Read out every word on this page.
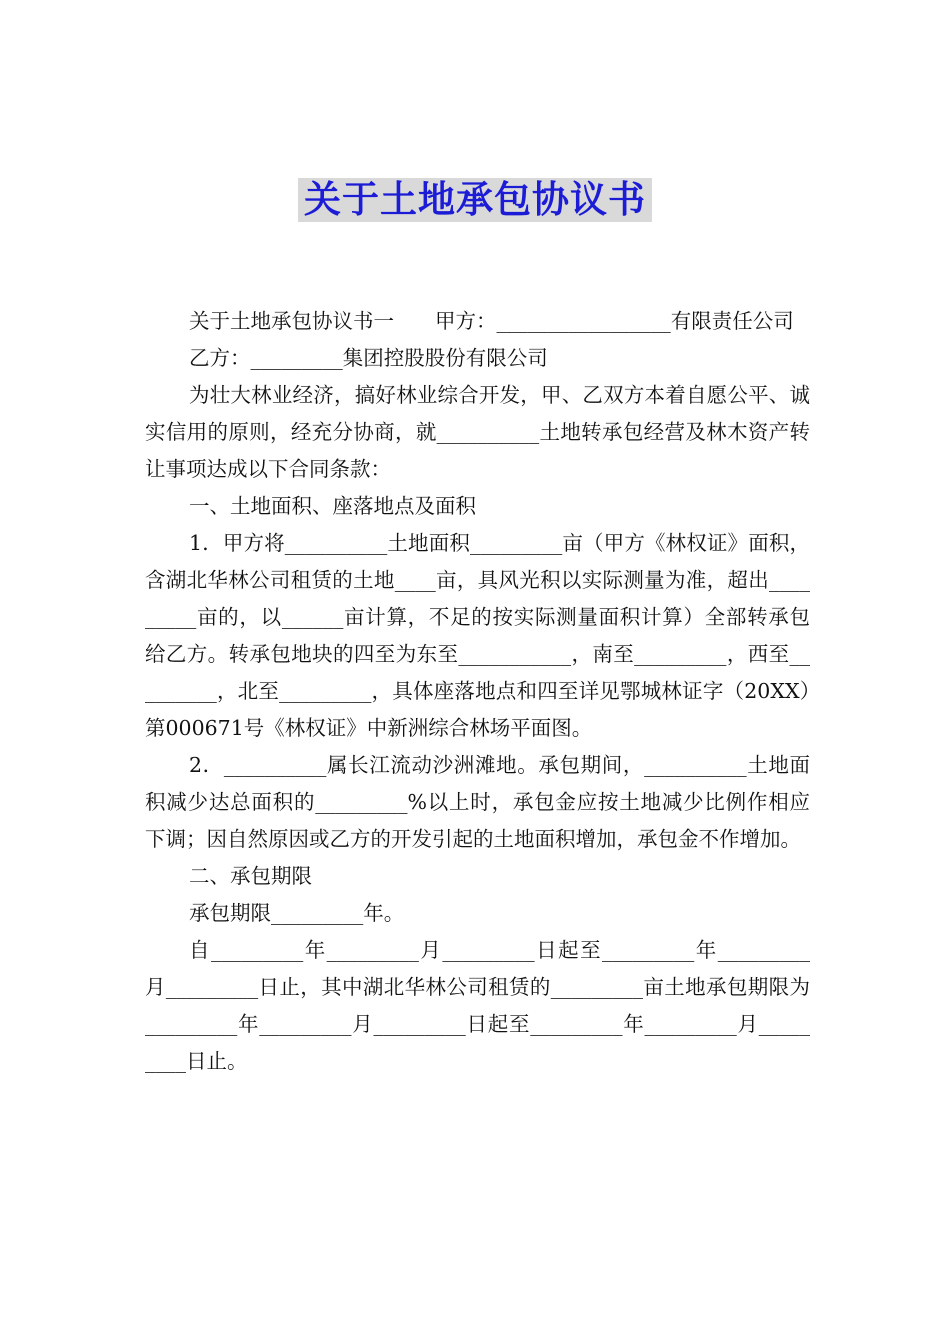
关于土地承包协议书

关于土地承包协议书一　　甲方：_________________有限责任公司

乙方：_________集团控股股份有限公司

为壮大林业经济，搞好林业综合开发，甲、乙双方本着自愿公平、诚实信用的原则，经充分协商，就__________土地转承包经营及林木资产转让事项达成以下合同条款：

一、土地面积、座落地点及面积

1．甲方将__________土地面积_________亩（甲方《林权证》面积，含湖北华林公司租赁的土地____亩，具风光积以实际测量为准，超出_________亩的，以______亩计算，不足的按实际测量面积计算）全部转承包给乙方。转承包地块的四至为东至___________，南至_________，西至_________，北至_________，具体座落地点和四至详见鄂城林证字（20XX）第000671号《林权证》中新洲综合林场平面图。

2．__________属长江流动沙洲滩地。承包期间，__________土地面积减少达总面积的_________%以上时，承包金应按土地减少比例作相应下调；因自然原因或乙方的开发引起的土地面积增加，承包金不作增加。

二、承包期限

承包期限_________年。

自_________年_________月_________日起至_________年_________月_________日止，其中湖北华林公司租赁的_________亩土地承包期限为_________年_________月_________日起至_________年_________月_________日止。
